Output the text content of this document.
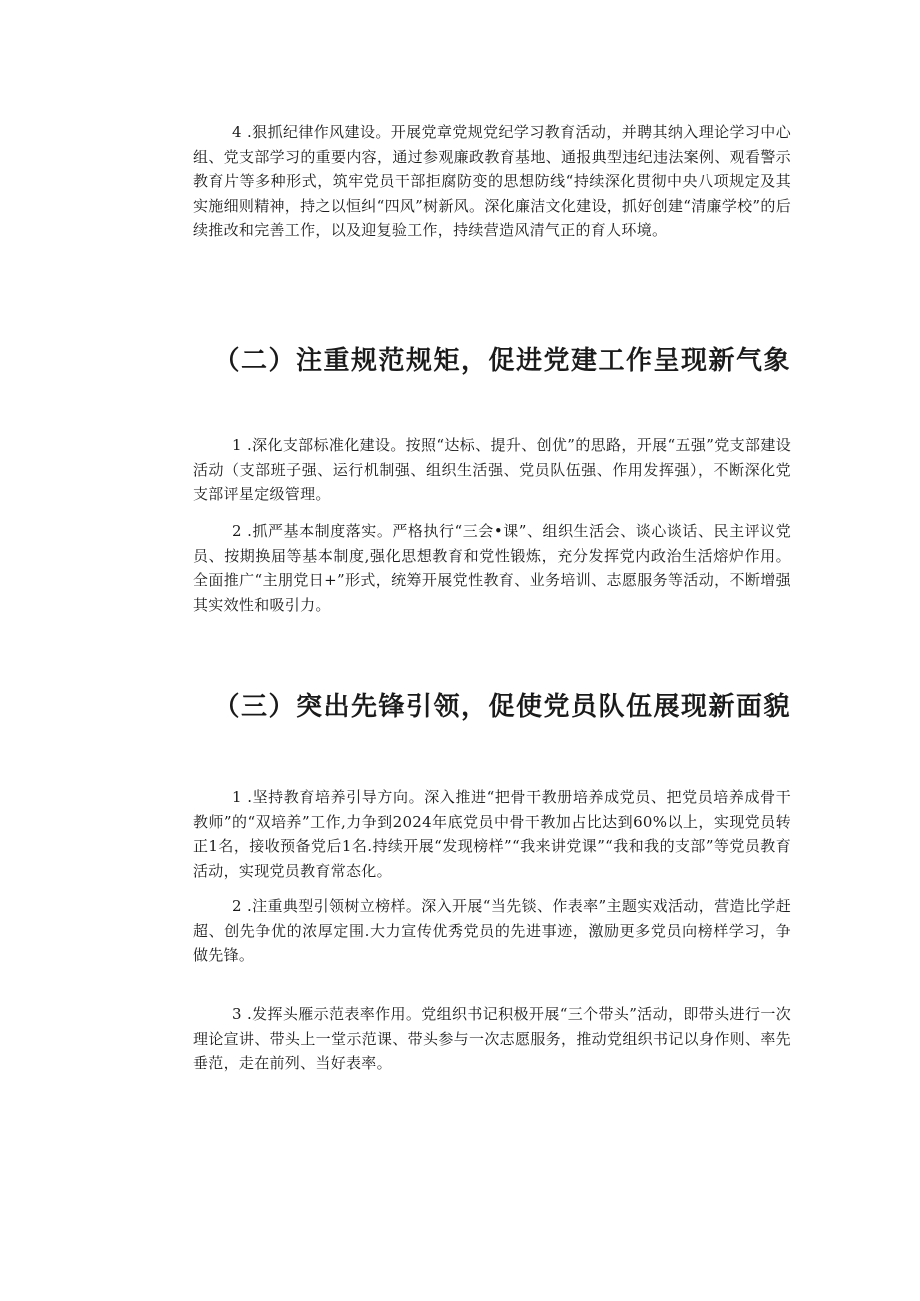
4 .狠抓纪律作风建设。开展党章党规党纪学习教育活动，并聘其纳入理论学习中心组、党支部学习的重要内容，通过参观廉政教育基地、通报典型违纪违法案例、观看警示教育片等多种形式，筑牢党员干部拒腐防变的思想防线“持续深化贯彻中央八项规定及其实施细则精神，持之以恒纠“四风”树新风。深化廉洁文化建设，抓好创建“清廉学校”的后续推改和完善工作，以及迎复验工作，持续营造风清气正的育人环境。

（二）注重规范规矩，促进党建工作呈现新气象

1 .深化支部标准化建设。按照“达标、提升、创优”的思路，开展“五强”党支部建设活动（支部班子强、运行机制强、组织生活强、党员队伍强、作用发挥强），不断深化党支部评星定级管理。

2 .抓严基本制度落实。严格执行“三会•课”、组织生活会、谈心谈话、民主评议党员、按期换届等基本制度,强化思想教育和党性锻炼，充分发挥党内政治生活熔炉作用。全面推广“主朋党日+”形式，统筹开展党性教育、业务培训、志愿服务等活动，不断增强其实效性和吸引力。

（三）突出先锋引领，促使党员队伍展现新面貌

1 .坚持教育培养引导方向。深入推进“把骨干教册培养成党员、把党员培养成骨干教师”的“双培养”工作,力争到2024年底党员中骨干教加占比达到60%以上，实现党员转正1名，接收预备党后1名.持续开展“发现榜样”“我来讲党课”“我和我的支部”等党员教育活动，实现党员教育常态化。

2 .注重典型引领树立榜样。深入开展“当先锬、作表率”主题实戏活动，营造比学赶超、创先争优的浓厚定围.大力宣传优秀党员的先进事迹，激励更多党员向榜样学习，争做先锋。

3 .发挥头雁示范表率作用。党组织书记积极开展“三个带头”活动，即带头进行一次理论宣讲、带头上一堂示范课、带头参与一次志愿服务，推动党组织书记以身作则、率先垂范，走在前列、当好表率。
